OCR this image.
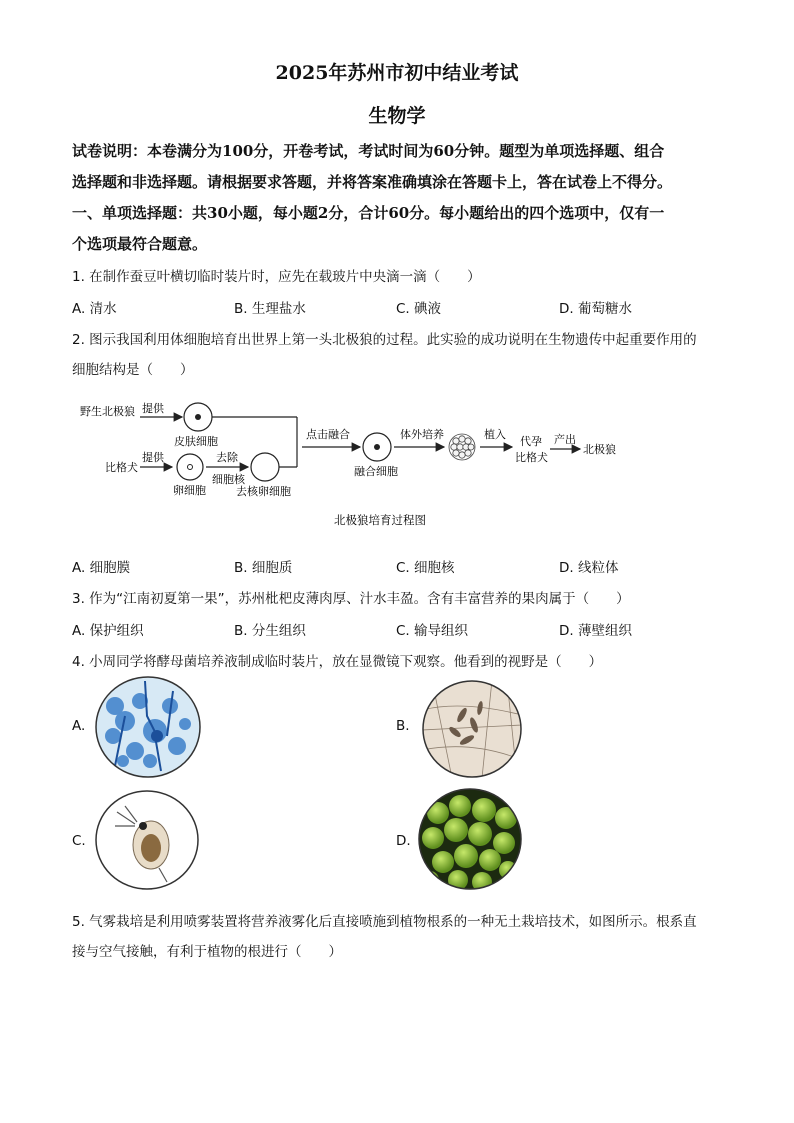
2025年苏州市初中结业考试
生物学
试卷说明：本卷满分为100分，开卷考试，考试时间为60分钟。题型为单项选择题、组合
选择题和非选择题。请根据要求答题，并将答案准确填涂在答题卡上，答在试卷上不得分。
一、单项选择题：共30小题，每小题2分，合计60分。每小题给出的四个选项中，仅有一
个选项最符合题意。
1. 在制作蚕豆叶横切临时装片时，应先在载玻片中央滴一滴（　　）
A. 清水	B. 生理盐水	C. 碘液	D. 葡萄糖水
2. 图示我国利用体细胞培育出世界上第一头北极狼的过程。此实验的成功说明在生物遗传中起重要作用的
细胞结构是（　　）
野生北极狼 提供
皮肤细胞
比格犬
提供
卵细胞
去除
细胞核
去核卵细胞
点击融合
融合细胞
体外培养	植入
代孕
比格犬
产出
北极狼
北极狼培育过程图
A. 细胞膜	B. 细胞质	C. 细胞核	D. 线粒体
3. 作为“江南初夏第一果”，苏州枇杷皮薄肉厚、汁水丰盈。含有丰富营养的果肉属于（　　）
A. 保护组织	B. 分生组织	C. 输导组织	D. 薄壁组织
4. 小周同学将酵母菌培养液制成临时装片，放在显微镜下观察。他看到的视野是（　　）
A.	B.
C.	D.
5. 气雾栽培是利用喷雾装置将营养液雾化后直接喷施到植物根系的一种无土栽培技术，如图所示。根系直
接与空气接触，有利于植物的根进行（　　）
